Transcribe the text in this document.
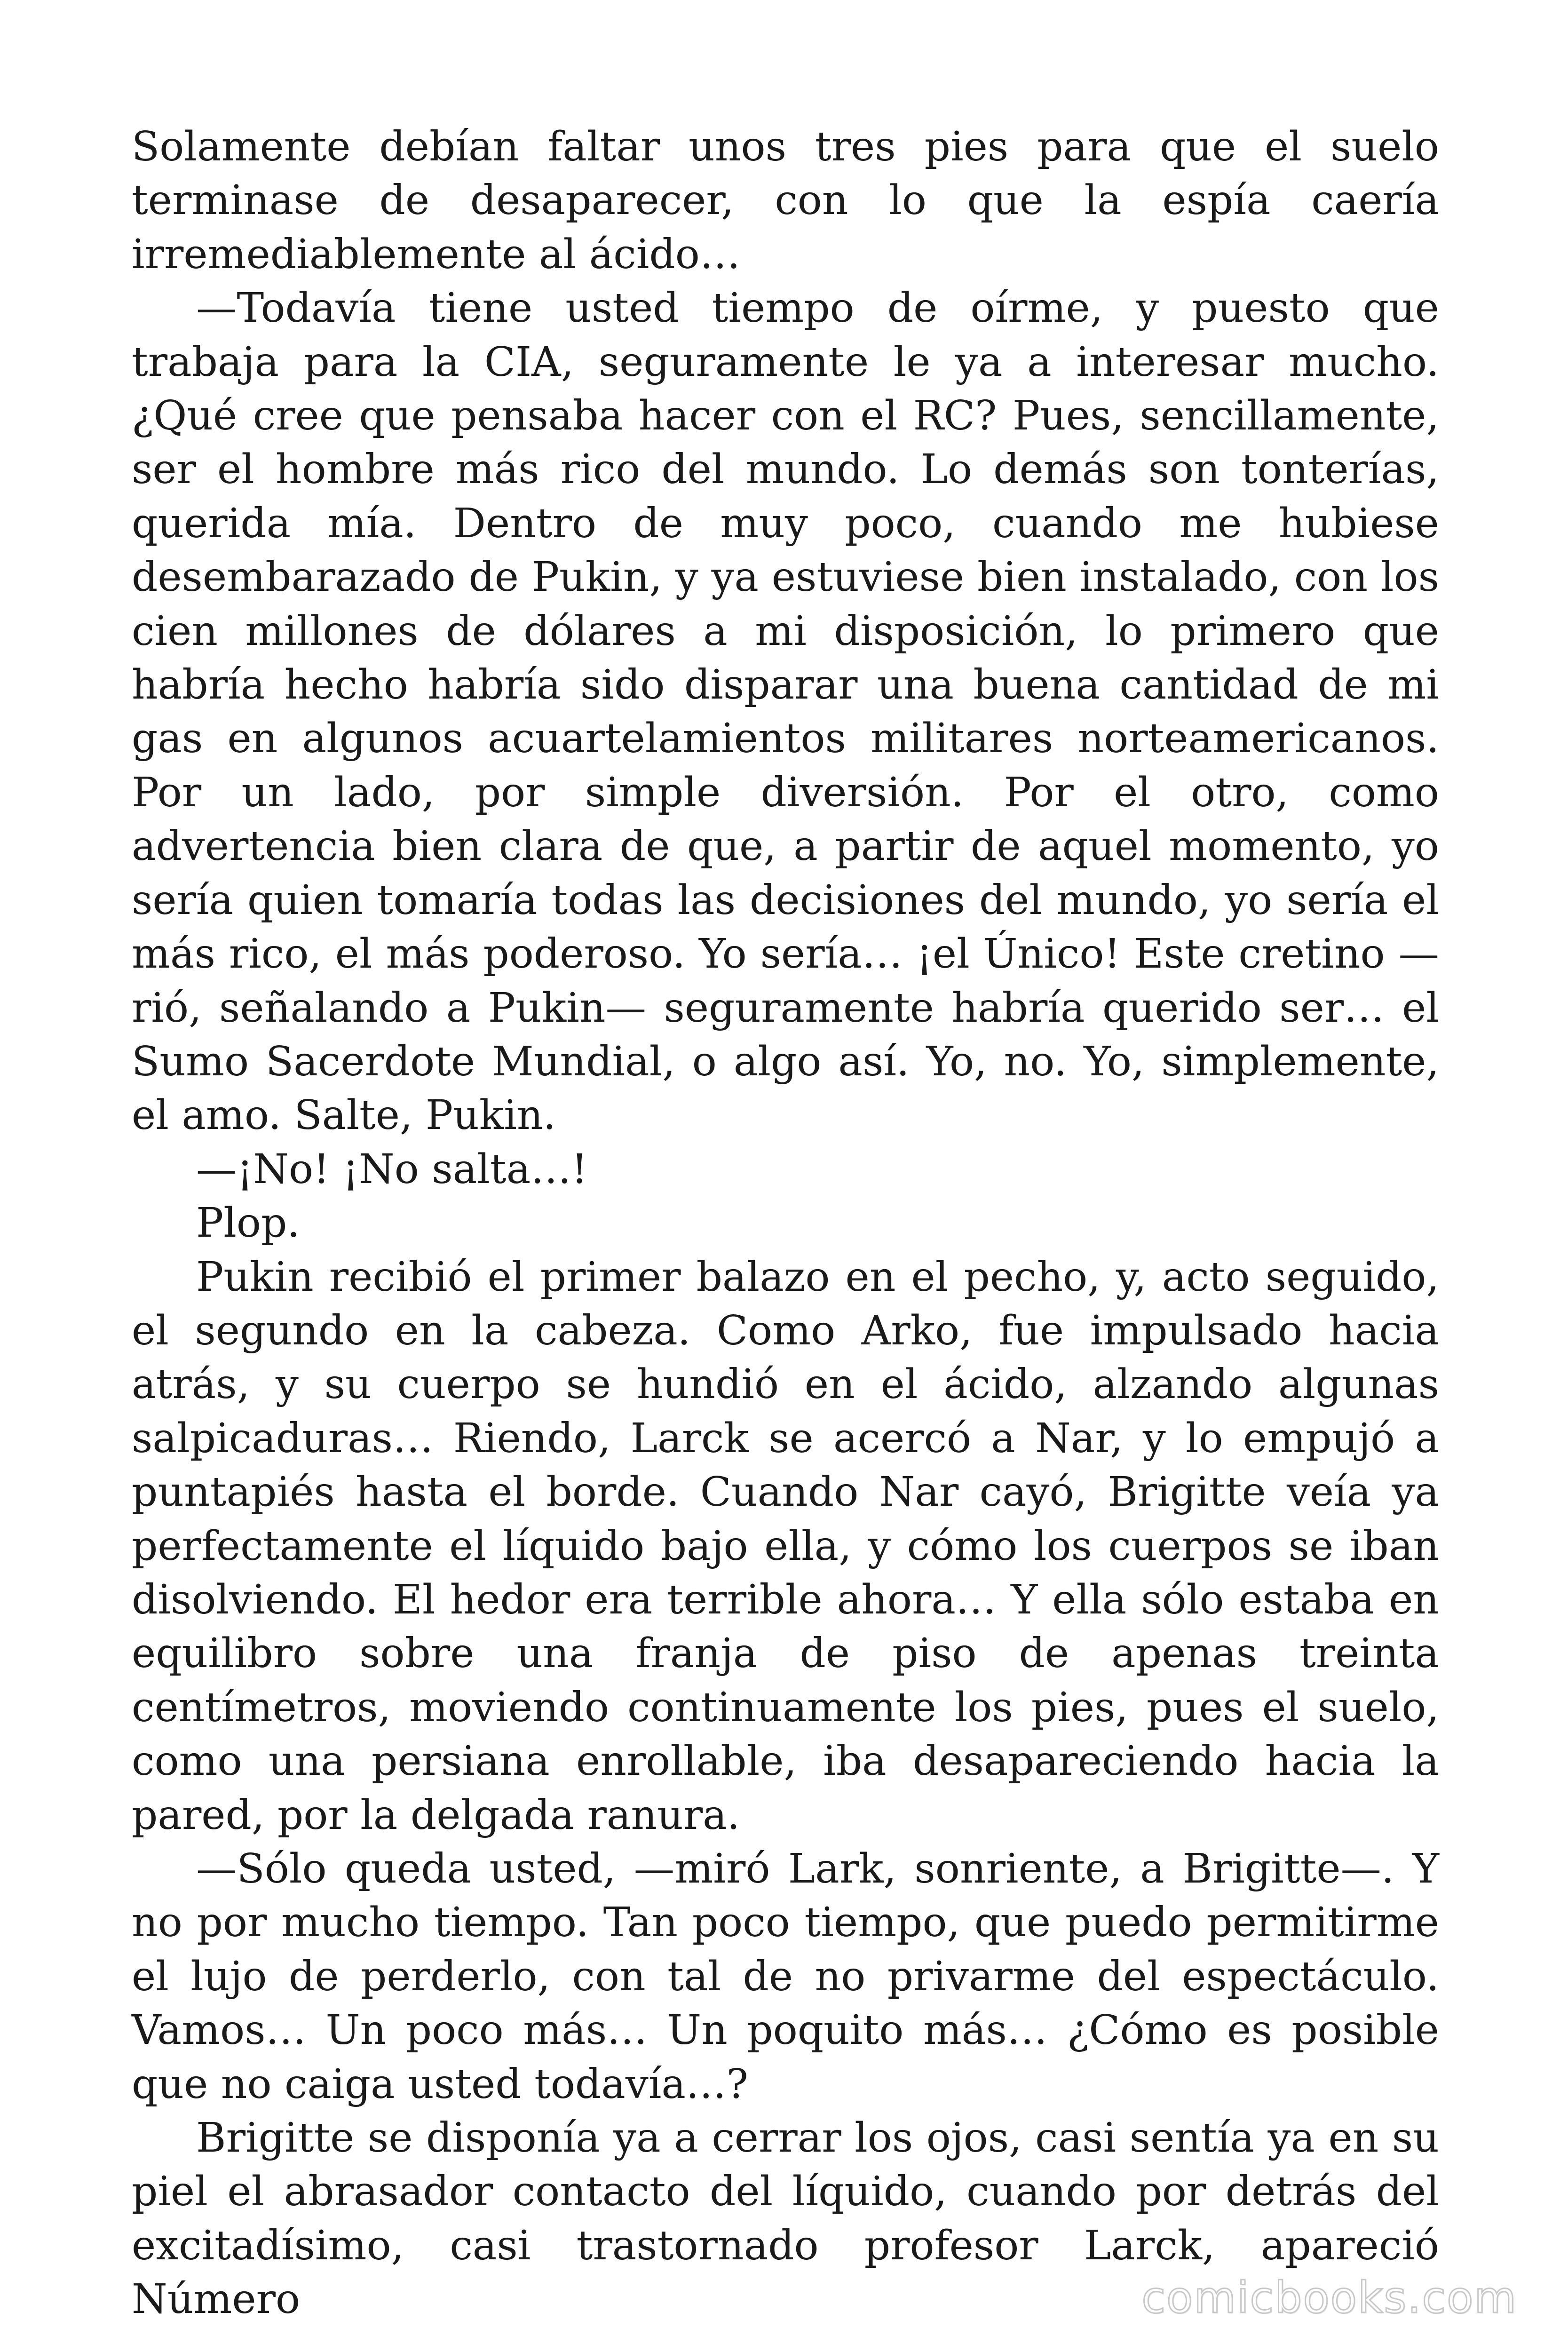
Solamente debían faltar unos tres pies para que el suelo terminase de desaparecer, con lo que la espía caería irremediablemente al ácido…

—Todavía tiene usted tiempo de oírme, y puesto que trabaja para la CIA, seguramente le ya a interesar mucho. ¿Qué cree que pensaba hacer con el RC? Pues, sencillamente, ser el hombre más rico del mundo. Lo demás son tonterías, querida mía. Dentro de muy poco, cuando me hubiese desembarazado de Pukin, y ya estuviese bien instalado, con los cien millones de dólares a mi disposición, lo primero que habría hecho habría sido disparar una buena cantidad de mi gas en algunos acuartelamientos militares norteamericanos. Por un lado, por simple diversión. Por el otro, como advertencia bien clara de que, a partir de aquel momento, yo sería quien tomaría todas las decisiones del mundo, yo sería el más rico, el más poderoso. Yo sería… ¡el Único! Este cretino —rió, señalando a Pukin— seguramente habría querido ser… el Sumo Sacerdote Mundial, o algo así. Yo, no. Yo, simplemente, el amo. Salte, Pukin.

—¡No! ¡No salta…!

Plop.

Pukin recibió el primer balazo en el pecho, y, acto seguido, el segundo en la cabeza. Como Arko, fue impulsado hacia atrás, y su cuerpo se hundió en el ácido, alzando algunas salpicaduras… Riendo, Larck se acercó a Nar, y lo empujó a puntapiés hasta el borde. Cuando Nar cayó, Brigitte veía ya perfectamente el líquido bajo ella, y cómo los cuerpos se iban disolviendo. El hedor era terrible ahora… Y ella sólo estaba en equilibro sobre una franja de piso de apenas treinta centímetros, moviendo continuamente los pies, pues el suelo, como una persiana enrollable, iba desapareciendo hacia la pared, por la delgada ranura.

—Sólo queda usted, —miró Lark, sonriente, a Brigitte—. Y no por mucho tiempo. Tan poco tiempo, que puedo permitirme el lujo de perderlo, con tal de no privarme del espectáculo. Vamos… Un poco más… Un poquito más… ¿Cómo es posible que no caiga usted todavía…?

Brigitte se disponía ya a cerrar los ojos, casi sentía ya en su piel el abrasador contacto del líquido, cuando por detrás del excitadísimo, casi trastornado profesor Larck, apareció Número	comicbooks.com
